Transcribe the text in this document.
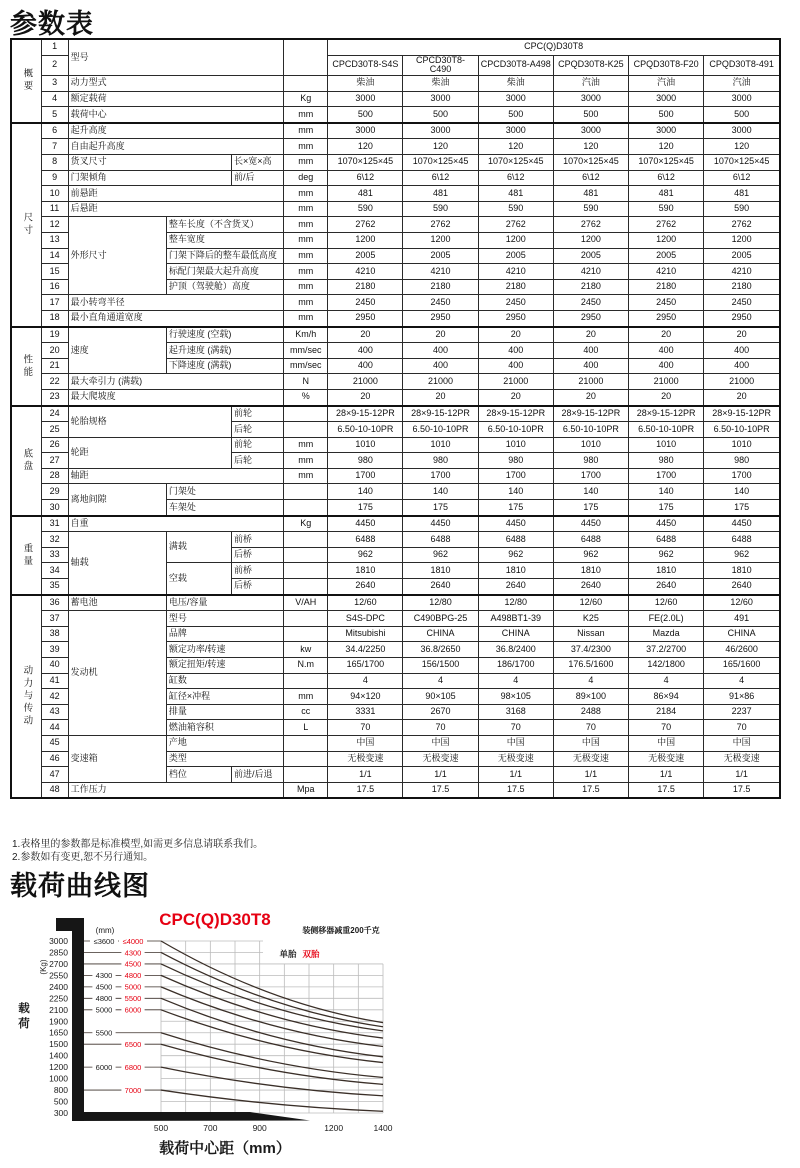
参数表
概要	1	型号				CPC(Q)D30T8					
	2					CPCD30T8-S4S	CPCD30T8-C490	CPCD30T8-A498	CPQD30T8-K25	CPQD30T8-F20	CPQD30T8-491
	3	动力型式				柴油	柴油	柴油	汽油	汽油	汽油
	4	额定载荷			Kg	3000	3000	3000	3000	3000	3000
	5	载荷中心			mm	500	500	500	500	500	500
尺寸	6	起升高度			mm	3000	3000	3000	3000	3000	3000
	7	自由起升高度			mm	120	120	120	120	120	120
	8	货叉尺寸		长×宽×高	mm	1070×125×45	1070×125×45	1070×125×45	1070×125×45	1070×125×45	1070×125×45
	9	门架倾角		前/后	deg	6\12	6\12	6\12	6\12	6\12	6\12
	10	前悬距			mm	481	481	481	481	481	481
	11	后悬距			mm	590	590	590	590	590	590
	12	外形尺寸	整车长度（不含货叉）		mm	2762	2762	2762	2762	2762	2762
	13		整车宽度		mm	1200	1200	1200	1200	1200	1200
	14		门架下降后的整车最低高度		mm	2005	2005	2005	2005	2005	2005
	15		标配门架最大起升高度		mm	4210	4210	4210	4210	4210	4210
	16		护顶（驾驶舱）高度		mm	2180	2180	2180	2180	2180	2180
	17	最小转弯半径			mm	2450	2450	2450	2450	2450	2450
	18	最小直角通道宽度			mm	2950	2950	2950	2950	2950	2950
性能	19	速度	行驶速度 (空载)		Km/h	20	20	20	20	20	20
	20		起升速度 (满载)		mm/sec	400	400	400	400	400	400
	21		下降速度 (满载)		mm/sec	400	400	400	400	400	400
	22	最大牵引力 (满载)			N	21000	21000	21000	21000	21000	21000
	23	最大爬坡度			%	20	20	20	20	20	20
底盘	24	轮胎规格		前轮		28×9-15-12PR	28×9-15-12PR	28×9-15-12PR	28×9-15-12PR	28×9-15-12PR	28×9-15-12PR
	25			后轮		6.50-10-10PR	6.50-10-10PR	6.50-10-10PR	6.50-10-10PR	6.50-10-10PR	6.50-10-10PR
	26	轮距		前轮	mm	1010	1010	1010	1010	1010	1010
	27			后轮	mm	980	980	980	980	980	980
	28	轴距			mm	1700	1700	1700	1700	1700	1700
	29	离地间隙	门架处			140	140	140	140	140	140
	30		车架处			175	175	175	175	175	175
重量	31	自重			Kg	4450	4450	4450	4450	4450	4450
	32	轴载	满载	前桥		6488	6488	6488	6488	6488	6488
	33			后桥		962	962	962	962	962	962
	34		空载	前桥		1810	1810	1810	1810	1810	1810
	35			后桥		2640	2640	2640	2640	2640	2640
动力与传动	36	蓄电池	电压/容量		V/AH	12/60	12/80	12/80	12/60	12/60	12/60
	37	发动机	型号			S4S-DPC	C490BPG-25	A498BT1-39	K25	FE(2.0L)	491
	38		品牌			Mitsubishi	CHINA	CHINA	Nissan	Mazda	CHINA
	39		额定功率/转速		kw	34.4/2250	36.8/2650	36.8/2400	37.4/2300	37.2/2700	46/2600
	40		额定扭矩/转速		N.m	165/1700	156/1500	186/1700	176.5/1600	142/1800	165/1600
	41		缸数			4	4	4	4	4	4
	42		缸径×冲程		mm	94×120	90×105	98×105	89×100	86×94	91×86
	43		排量		cc	3331	2670	3168	2488	2184	2237
	44		燃油箱容积		L	70	70	70	70	70	70
	45	变速箱	产地			中国	中国	中国	中国	中国	中国
	46		类型			无极变速	无极变速	无极变速	无极变速	无极变速	无极变速
	47		档位	前进/后退		1/1	1/1	1/1	1/1	1/1	1/1
	48	工作压力			Mpa	17.5	17.5	17.5	17.5	17.5	17.5
1.表格里的参数都是标准模型,如需更多信息请联系我们。
2.参数如有变更,恕不另行通知。
载荷曲线图
≤3600 ≤4000
4300
4500
4300 4800
4500 5000
4800 5500
5000 6000
5500
6500
6000 6800
7000
3000
2850
2700
2550
2400
2250
2100
1900
1650
1500
1400
1200
1000
800
500
300
500	700	900	1200	1400
CPC(Q)D30T8
装侧移器减重200千克
(mm)
单胎 双胎
(Kg)
载
荷
载荷中心距（mm）
